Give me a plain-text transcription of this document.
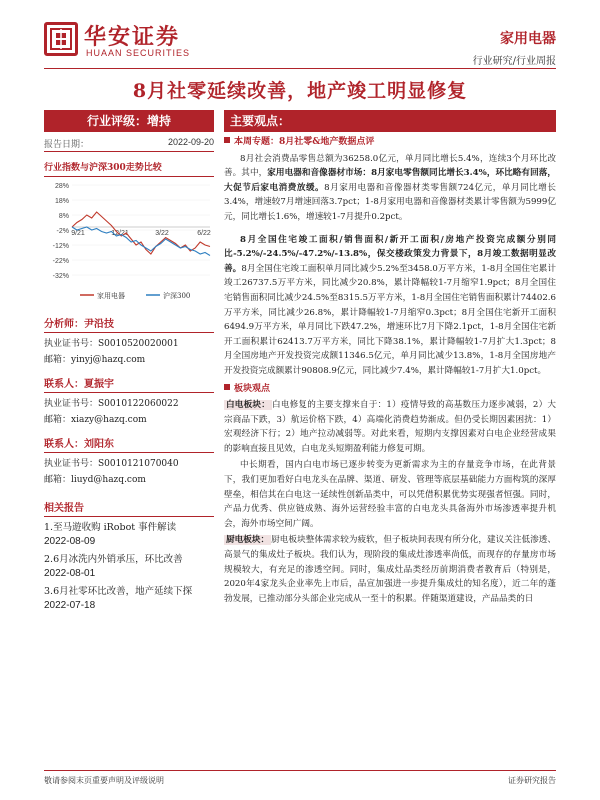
华安证券
HUAAN SECURITIES
家用电器
行业研究/行业周报
8月社零延续改善，地产竣工明显修复
行业评级：增持
报告日期：	2022-09-20
行业指数与沪深300走势比较
28%
18%
8%
-2%
-12%
-22%
-32%
9/21	12/21	3/22	6/22
家用电器	沪深300
分析师：尹沿技
执业证书号：S0010520020001
邮箱：yinyj@hazq.com
联系人：夏振宇
执业证书号：S0010122060022
邮箱：xiazy@hazq.com
联系人：刘阳东
执业证书号：S0010121070040
邮箱：liuyd@hazq.com
相关报告
1.至马遊收购 iRobot 事件解读
2022-08-09
2.6月冰洗内外销承压，环比改善
2022-08-01
3.6月社零环比改善，地产延续下探
2022-07-18
主要观点：
本周专题：8月社零&地产数据点评
8月社会消费品零售总额为36258.0亿元，单月同比增长5.4%，连续3个月环比改善。其中，家用电器和音像器材市场：8月家电零售额同比增长3.4%，环比略有回落，大促节后家电消费放缓。8月家用电器和音像器材类零售额724亿元，单月同比增长3.4%，增速较7月增速回落3.7pct；1-8月家用电器和音像器材类累计零售额为5999亿元，同比增长1.6%，增速较1-7月提升0.2pct。
8月全国住宅竣工面积/销售面积/新开工面积/房地产投资完成额分别同比-5.2%/-24.5%/-47.2%/-13.8%，保交楼政策发力背景下，8月竣工数据明显改善。8月全国住宅竣工面积单月同比减少5.2%至3458.0万平方米，1-8月全国住宅累计竣工26737.5万平方米，同比减少20.8%，累计降幅较1-7月缩窄1.9pct；8月全国住宅销售面积同比减少24.5%至8315.5万平方米，1-8月全国住宅销售面积累计74402.6万平方米，同比减少26.8%，累计降幅较1-7月缩窄0.3pct；8月全国住宅新开工面积6494.9万平方米，单月同比下跌47.2%，增速环比7月下降2.1pct，1-8月全国住宅新开工面积累计62413.7万平方米，同比下降38.1%，累计降幅较1-7月扩大1.3pct；8月全国房地产开发投资完成额11346.5亿元，单月同比减少13.8%，1-8月全国房地产开发投资完成额累计90808.9亿元，同比减少7.4%，累计降幅较1-7月扩大1.0pct。
板块观点
白电板块： 白电修复的主要支撑来自于：1）疫情导致的高基数压力逐步减弱，2）大宗商品下跌，3）航运价格下跌，4）高端化消费趋势渐成。但仍受长期因素困扰：1）宏观经济下行；2）地产拉动减弱等。对此来看，短期内支撑因素对白电企业经营成果的影响直接且见效，白电龙头短期盈利能力修复可期。
中长期看，国内白电市场已逐步转变为更新需求为主的存量竞争市场，在此背景下，我们更加看好白电龙头在品牌、渠道、研发、管理等底层基础能力方面构筑的深厚壁垒，相信其在白电这一延续性创新品类中，可以凭借积累优势实现强者恒强。同时，产品力优秀、供应链成熟、海外运营经验丰富的白电龙头具备海外市场渗透率提升机会，海外市场空间广阔。
厨电板块： 厨电板块整体需求较为疲软，但子板块间表现有所分化，建议关注低渗透、高景气的集成灶子板块。我们认为，现阶段的集成灶渗透率尚低，而现存的存量房市场规模较大，有充足的渗透空间。同时，集成灶品类经历前期消费者教育后（特别是，2020年4家龙头企业率先上市后，品宣加强进一步提升集成灶的知名度），近二年的蓬勃发展，已推动部分头部企业完成从一至十的积累。伴随渠道建设，产品品类的日
敬请参阅末页重要声明及评级说明	证券研究报告
